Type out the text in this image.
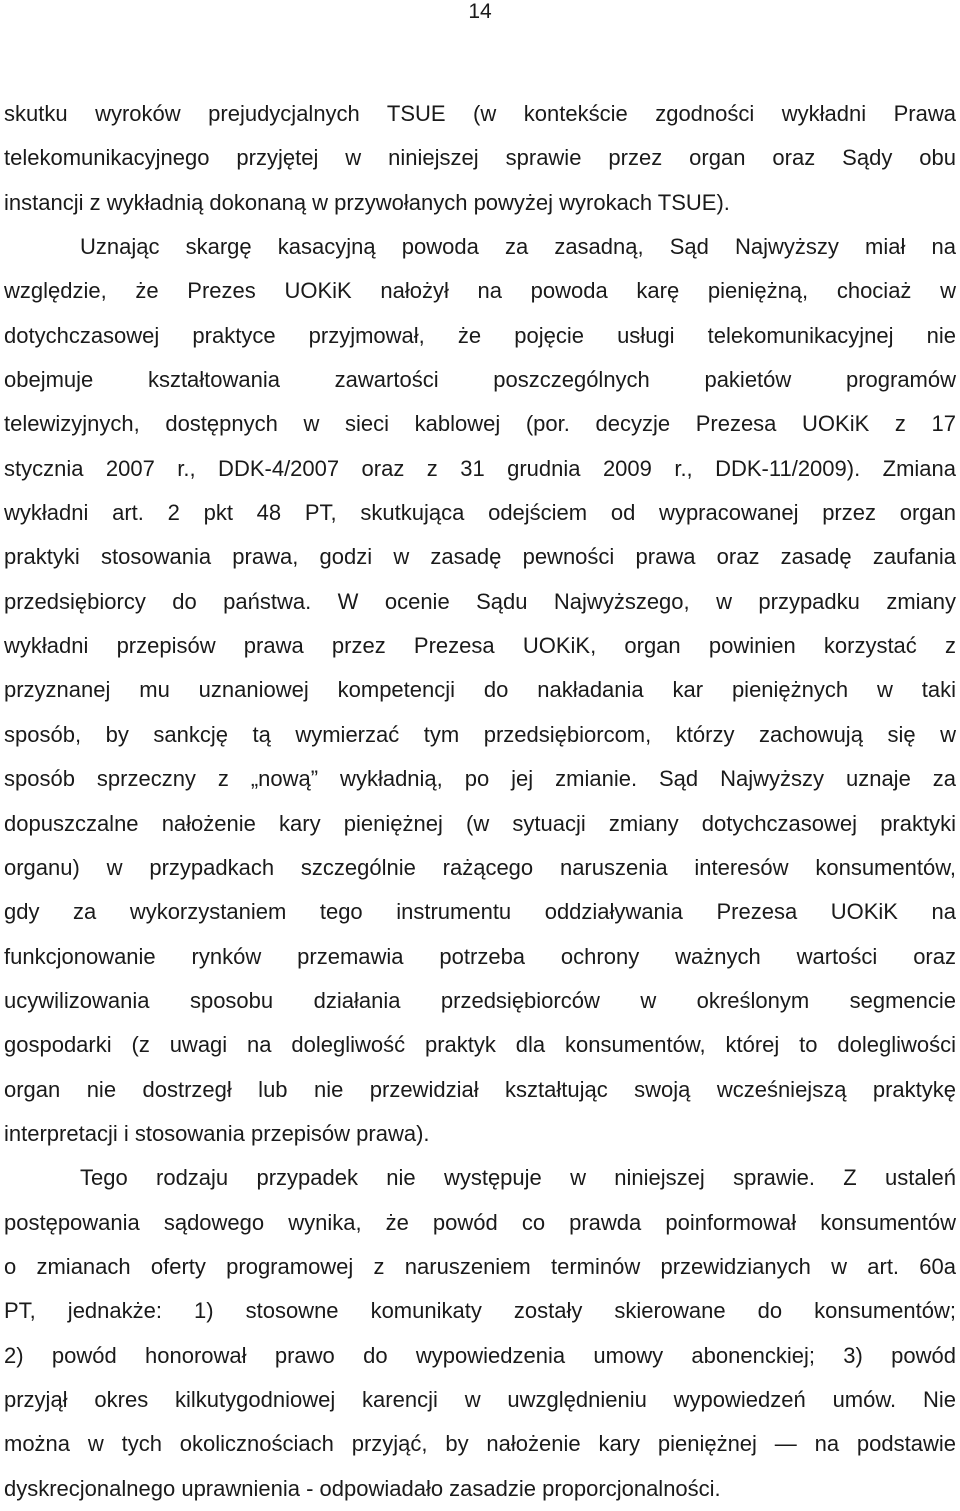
14
skutku wyroków prejudycjalnych TSUE (w kontekście zgodności wykładni Prawa
telekomunikacyjnego przyjętej w niniejszej sprawie przez organ oraz Sądy obu
instancji z wykładnią dokonaną w przywołanych powyżej wyrokach TSUE).
Uznając skargę kasacyjną powoda za zasadną, Sąd Najwyższy miał na
względzie, że Prezes UOKiK nałożył na powoda karę pieniężną, chociaż w
dotychczasowej praktyce przyjmował, że pojęcie usługi telekomunikacyjnej nie
obejmuje kształtowania zawartości poszczególnych pakietów programów
telewizyjnych, dostępnych w sieci kablowej (por. decyzje Prezesa UOKiK z 17
stycznia 2007 r., DDK-4/2007 oraz z 31 grudnia 2009 r., DDK-11/2009). Zmiana
wykładni art. 2 pkt 48 PT, skutkująca odejściem od wypracowanej przez organ
praktyki stosowania prawa, godzi w zasadę pewności prawa oraz zasadę zaufania
przedsiębiorcy do państwa. W ocenie Sądu Najwyższego, w przypadku zmiany
wykładni przepisów prawa przez Prezesa UOKiK, organ powinien korzystać z
przyznanej mu uznaniowej kompetencji do nakładania kar pieniężnych w taki
sposób, by sankcję tą wymierzać tym przedsiębiorcom, którzy zachowują się w
sposób sprzeczny z „nową” wykładnią, po jej zmianie. Sąd Najwyższy uznaje za
dopuszczalne nałożenie kary pieniężnej (w sytuacji zmiany dotychczasowej praktyki
organu) w przypadkach szczególnie rażącego naruszenia interesów konsumentów,
gdy za wykorzystaniem tego instrumentu oddziaływania Prezesa UOKiK na
funkcjonowanie rynków przemawia potrzeba ochrony ważnych wartości oraz
ucywilizowania sposobu działania przedsiębiorców w określonym segmencie
gospodarki (z uwagi na dolegliwość praktyk dla konsumentów, której to dolegliwości
organ nie dostrzegł lub nie przewidział kształtując swoją wcześniejszą praktykę
interpretacji i stosowania przepisów prawa).
Tego rodzaju przypadek nie występuje w niniejszej sprawie. Z ustaleń
postępowania sądowego wynika, że powód co prawda poinformował konsumentów
o zmianach oferty programowej z naruszeniem terminów przewidzianych w art. 60a
PT, jednakże: 1) stosowne komunikaty zostały skierowane do konsumentów;
2) powód honorował prawo do wypowiedzenia umowy abonenckiej; 3) powód
przyjął okres kilkutygodniowej karencji w uwzględnieniu wypowiedzeń umów. Nie
można w tych okolicznościach przyjąć, by nałożenie kary pieniężnej — na podstawie
dyskrecjonalnego uprawnienia - odpowiadało zasadzie proporcjonalności.
